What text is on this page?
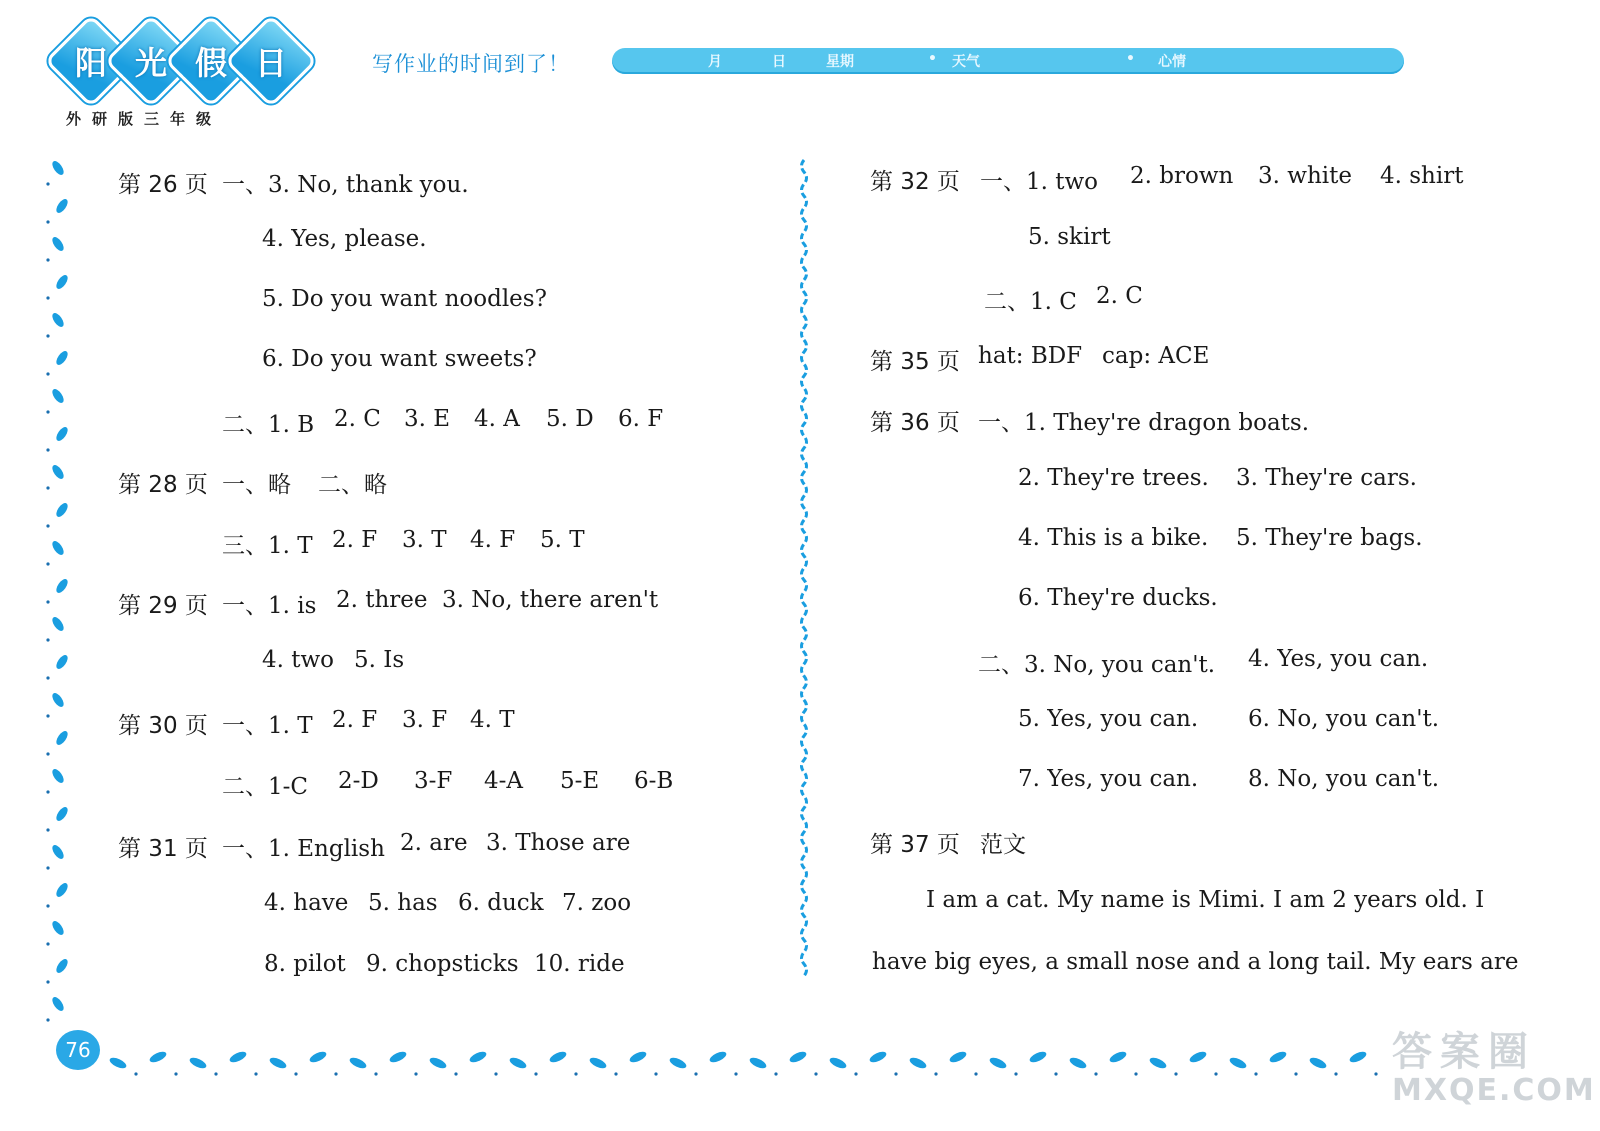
阳 光 假 日
外研版三年级
写作业的时间到了！	月	日	星期	• 天气	• 心情
第 26 页 一、3. No, thank you.
4. Yes, please.
5. Do you want noodles?
6. Do you want sweets?
二、1. B 2. C 3. E 4. A 5. D 6. F
第 28 页 一、略 二、略
三、1. T 2. F 3. T 4. F 5. T
第 29 页 一、1. is 2. three 3. No, there aren't
4. two 5. Is
第 30 页 一、1. T 2. F 3. F 4. T
二、1-C 2-D 3-F 4-A 5-E 6-B
第 31 页 一、1. English 2. are 3. Those are
4. have 5. has 6. duck 7. zoo
8. pilot 9. chopsticks 10. ride
第 32 页 一、1. two 2. brown 3. white 4. shirt
5. skirt
二、1. C 2. C
第 35 页 hat: BDF cap: ACE
第 36 页 一、1. They're dragon boats.
2. They're trees. 3. They're cars.
4. This is a bike. 5. They're bags.
6. They're ducks.
二、3. No, you can't. 4. Yes, you can.
5. Yes, you can. 6. No, you can't.
7. Yes, you can. 8. No, you can't.
第 37 页 范文
I am a cat. My name is Mimi. I am 2 years old. I
have big eyes, a small nose and a long tail. My ears are
76	答案圈
MXQE.COM
